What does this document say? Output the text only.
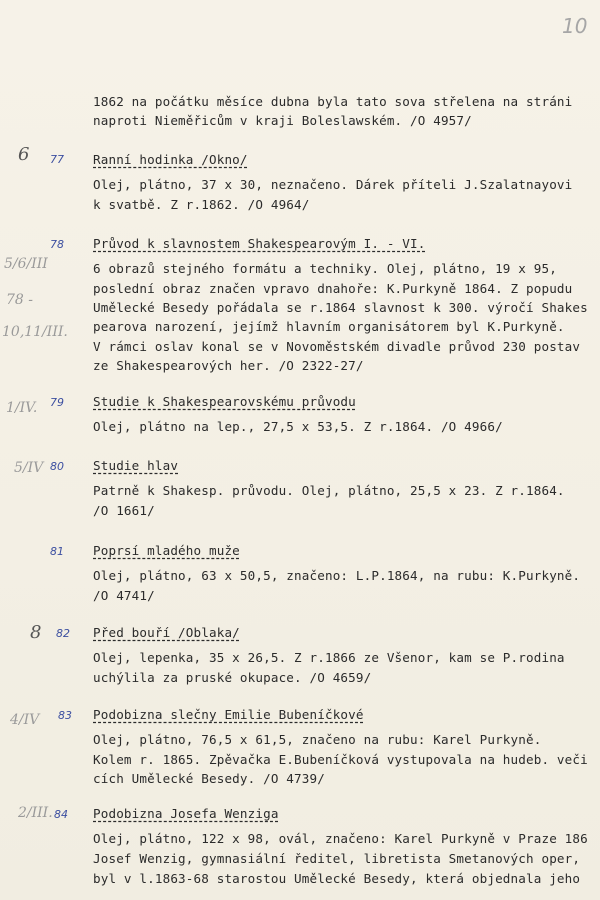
10
6
5/6/III
78 -
10,11/III.
1/IV.
5/IV
8
4/IV
2/III.
1862 na počátku měsíce dubna byla tato sova střelena na stráni
naproti Nieměřicům v kraji Boleslawském. /O 4957/
77 Ranní hodinka /Okno/
Olej, plátno, 37 x 30, neznačeno. Dárek příteli J.Szalatnayovi
k svatbě. Z r.1862. /O 4964/
78 Průvod k slavnostem Shakespearovým I. - VI.
6 obrazů stejného formátu a techniky. Olej, plátno, 19 x 95,
poslední obraz značen vpravo dnahoře: K.Purkyně 1864. Z popudu
Umělecké Besedy pořádala se r.1864 slavnost k 300. výročí Shakes
pearova narození, jejímž hlavním organisátorem byl K.Purkyně.
V rámci oslav konal se v Novoměstském divadle průvod 230 postav
ze Shakespearových her. /O 2322-27/
79 Studie k Shakespearovskému průvodu
Olej, plátno na lep., 27,5 x 53,5. Z r.1864. /O 4966/
80 Studie hlav
Patrně k Shakesp. průvodu. Olej, plátno, 25,5 x 23. Z r.1864.
/O 1661/
81 Poprsí mladého muže
Olej, plátno, 63 x 50,5, značeno: L.P.1864, na rubu: K.Purkyně.
/O 4741/
82 Před bouří /Oblaka/
Olej, lepenka, 35 x 26,5. Z r.1866 ze Všenor, kam se P.rodina
uchýlila za pruské okupace. /O 4659/
83 Podobizna slečny Emilie Bubeníčkové
Olej, plátno, 76,5 x 61,5, značeno na rubu: Karel Purkyně.
Kolem r. 1865. Zpěvačka E.Bubeníčková vystupovala na hudeb. veči
cích Umělecké Besedy. /O 4739/
84 Podobizna Josefa Wenziga
Olej, plátno, 122 x 98, ovál, značeno: Karel Purkyně v Praze 186
Josef Wenzig, gymnasiální ředitel, libretista Smetanových oper,
byl v l.1863-68 starostou Umělecké Besedy, která objednala jeho
